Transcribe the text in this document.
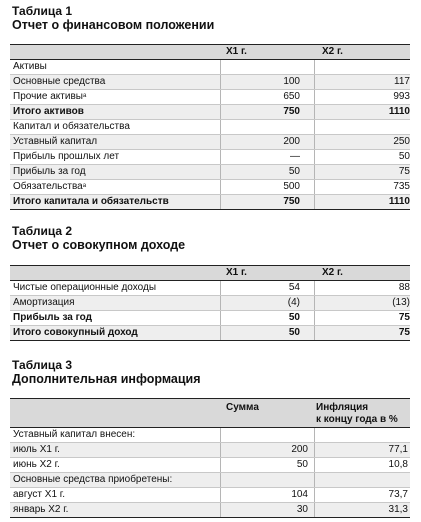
Таблица 1
Отчет о финансовом положении
X1 г.	X2 г.
Активы
Основные средства	100	117
Прочие активы$^а$	650	993
Итого активов	750	1110
Капитал и обязательства
Уставный капитал	200	250
Прибыль прошлых лет	—	50
Прибыль за год	50	75
Обязательства$^а$	500	735
Итого капитала и обязательств	750	1110
Таблица 2
Отчет о совокупном доходе
X1 г.	X2 г.
Чистые операционные доходы	54	88
Амортизация	(4)	(13)
Прибыль за год	50	75
Итого совокупный доход	50	75
Таблица 3
Дополнительная информация
Сумма	Инфляция
к концу года в %
Уставный капитал внесен:
июль X1 г.	200	77,1
июнь X2 г.	50	10,8
Основные средства приобретены:
август X1 г.	104	73,7
январь X2 г.	30	31,3
